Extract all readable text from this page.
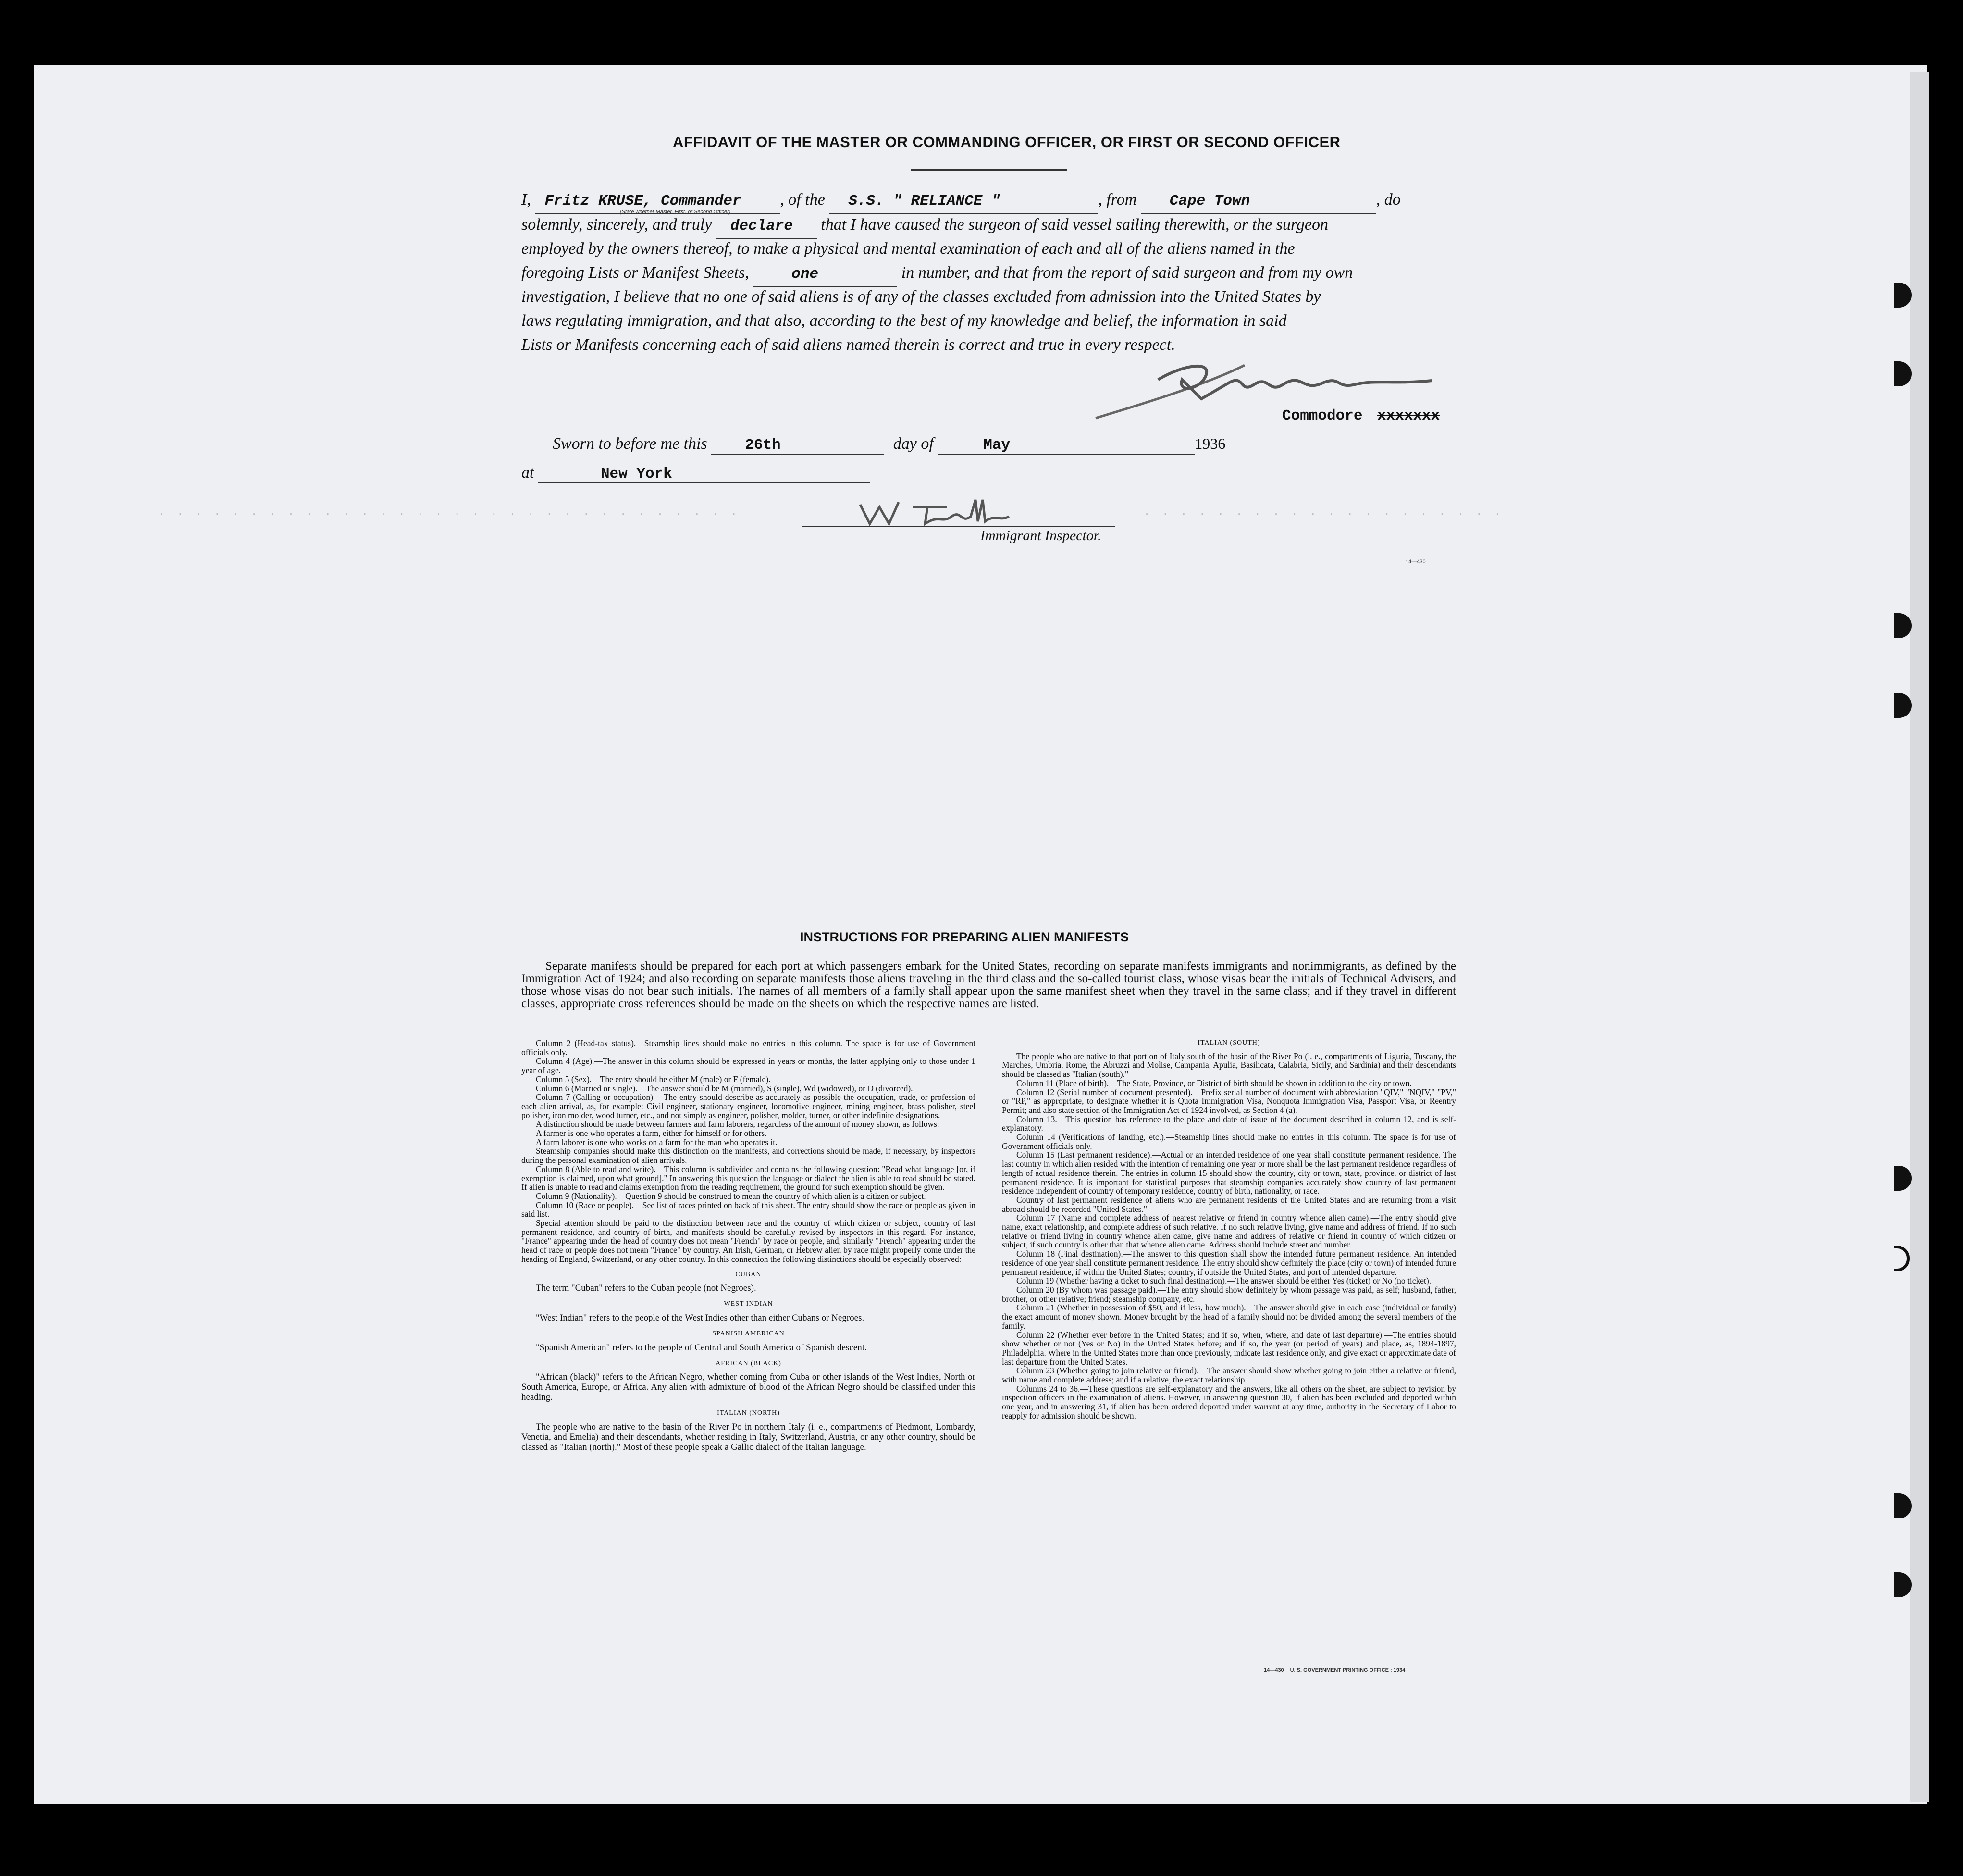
AFFIDAVIT OF THE MASTER OR COMMANDING OFFICER, OR FIRST OR SECOND OFFICER
I, Fritz KRUSE, Commander , of the S.S. " RELIANCE "	, from Cape Town	, do
(State whether Master, First, or Second Officer)
solemnly, sincerely, and truly declare that I have caused the surgeon of said vessel sailing therewith, or the surgeon
employed by the owners thereof, to make a physical and mental examination of each and all of the aliens named in the
foregoing Lists or Manifest Sheets,	one	in number, and that from the report of said surgeon and from my own
investigation, I believe that no one of said aliens is of any of the classes excluded from admission into the United States by
laws regulating immigration, and that also, according to the best of my knowledge and belief, the information in said
Lists or Manifests concerning each of said aliens named therein is correct and true in every respect.
Commodore xxxxxxx
Sworn to before me this	26th	day of	May	1936
at	New York
· · · · · · · · · · · · · · · · · · · · · · · · · · · · · · · ·	· · · · · · · · · · · · · · · · · · · ·
Immigrant Inspector.
14—430
INSTRUCTIONS FOR PREPARING ALIEN MANIFESTS
Separate manifests should be prepared for each port at which passengers embark for the United States, recording on separate manifests immigrants and nonimmigrants, as defined by the Immigration Act of 1924; and also recording on separate manifests those aliens traveling in the third class and the so-called tourist class, whose visas bear the initials of Technical Advisers, and those whose visas do not bear such initials. The names of all members of a family shall appear upon the same manifest sheet when they travel in the same class; and if they travel in different classes, appropriate cross references should be made on the sheets on which the respective names are listed.

Column 2 (Head-tax status).—Steamship lines should make no entries in this column. The space is for use of Government officials only.

Column 4 (Age).—The answer in this column should be expressed in years or months, the latter applying only to those under 1 year of age.

Column 5 (Sex).—The entry should be either M (male) or F (female).

Column 6 (Married or single).—The answer should be M (married), S (single), Wd (widowed), or D (divorced).

Column 7 (Calling or occupation).—The entry should describe as accurately as possible the occupation, trade, or profession of each alien arrival, as, for example: Civil engineer, stationary engineer, locomotive engineer, mining engineer, brass polisher, steel polisher, iron molder, wood turner, etc., and not simply as engineer, polisher, molder, turner, or other indefinite designations.

A distinction should be made between farmers and farm laborers, regardless of the amount of money shown, as follows:

A farmer is one who operates a farm, either for himself or for others.

A farm laborer is one who works on a farm for the man who operates it.

Steamship companies should make this distinction on the manifests, and corrections should be made, if necessary, by inspectors during the personal examination of alien arrivals.

Column 8 (Able to read and write).—This column is subdivided and contains the following question: "Read what language [or, if exemption is claimed, upon what ground]." In answering this question the language or dialect the alien is able to read should be stated. If alien is unable to read and claims exemption from the reading requirement, the ground for such exemption should be given.

Column 9 (Nationality).—Question 9 should be construed to mean the country of which alien is a citizen or subject.

Column 10 (Race or people).—See list of races printed on back of this sheet. The entry should show the race or people as given in said list.

Special attention should be paid to the distinction between race and the country of which citizen or subject, country of last permanent residence, and country of birth, and manifests should be carefully revised by inspectors in this regard. For instance, "France" appearing under the head of country does not mean "French" by race or people, and, similarly "French" appearing under the head of race or people does not mean "France" by country. An Irish, German, or Hebrew alien by race might properly come under the heading of England, Switzerland, or any other country. In this connection the following distinctions should be especially observed:

CUBAN

The term "Cuban" refers to the Cuban people (not Negroes).

WEST INDIAN

"West Indian" refers to the people of the West Indies other than either Cubans or Negroes.

SPANISH AMERICAN

"Spanish American" refers to the people of Central and South America of Spanish descent.

AFRICAN (BLACK)

"African (black)" refers to the African Negro, whether coming from Cuba or other islands of the West Indies, North or South America, Europe, or Africa. Any alien with admixture of blood of the African Negro should be classified under this heading.

ITALIAN (NORTH)

The people who are native to the basin of the River Po in northern Italy (i. e., compartments of Piedmont, Lombardy, Venetia, and Emelia) and their descendants, whether residing in Italy, Switzerland, Austria, or any other country, should be classed as "Italian (north)." Most of these people speak a Gallic dialect of the Italian language.

ITALIAN (SOUTH)

The people who are native to that portion of Italy south of the basin of the River Po (i. e., compartments of Liguria, Tuscany, the Marches, Umbria, Rome, the Abruzzi and Molise, Campania, Apulia, Basilicata, Calabria, Sicily, and Sardinia) and their descendants should be classed as "Italian (south)."

Column 11 (Place of birth).—The State, Province, or District of birth should be shown in addition to the city or town.

Column 12 (Serial number of document presented).—Prefix serial number of document with abbreviation "QIV," "NQIV," "PV," or "RP," as appropriate, to designate whether it is Quota Immigration Visa, Nonquota Immigration Visa, Passport Visa, or Reentry Permit; and also state section of the Immigration Act of 1924 involved, as Section 4 (a).

Column 13.—This question has reference to the place and date of issue of the document described in column 12, and is self-explanatory.

Column 14 (Verifications of landing, etc.).—Steamship lines should make no entries in this column. The space is for use of Government officials only.

Column 15 (Last permanent residence).—Actual or an intended residence of one year shall constitute permanent residence. The last country in which alien resided with the intention of remaining one year or more shall be the last permanent residence regardless of length of actual residence therein. The entries in column 15 should show the country, city or town, state, province, or district of last permanent residence. It is important for statistical purposes that steamship companies accurately show country of last permanent residence independent of country of temporary residence, country of birth, nationality, or race.

Country of last permanent residence of aliens who are permanent residents of the United States and are returning from a visit abroad should be recorded "United States."

Column 17 (Name and complete address of nearest relative or friend in country whence alien came).—The entry should give name, exact relationship, and complete address of such relative. If no such relative living, give name and address of friend. If no such relative or friend living in country whence alien came, give name and address of relative or friend in country of which citizen or subject, if such country is other than that whence alien came. Address should include street and number.

Column 18 (Final destination).—The answer to this question shall show the intended future permanent residence. An intended residence of one year shall constitute permanent residence. The entry should show definitely the place (city or town) of intended future permanent residence, if within the United States; country, if outside the United States, and port of intended departure.

Column 19 (Whether having a ticket to such final destination).—The answer should be either Yes (ticket) or No (no ticket).

Column 20 (By whom was passage paid).—The entry should show definitely by whom passage was paid, as self; husband, father, brother, or other relative; friend; steamship company, etc.

Column 21 (Whether in possession of $50, and if less, how much).—The answer should give in each case (individual or family) the exact amount of money shown. Money brought by the head of a family should not be divided among the several members of the family.

Column 22 (Whether ever before in the United States; and if so, when, where, and date of last departure).—The entries should show whether or not (Yes or No) in the United States before; and if so, the year (or period of years) and place, as, 1894-1897, Philadelphia. Where in the United States more than once previously, indicate last residence only, and give exact or approximate date of last departure from the United States.

Column 23 (Whether going to join relative or friend).—The answer should show whether going to join either a relative or friend, with name and complete address; and if a relative, the exact relationship.

Columns 24 to 36.—These questions are self-explanatory and the answers, like all others on the sheet, are subject to revision by inspection officers in the examination of aliens. However, in answering question 30, if alien has been excluded and deported within one year, and in answering 31, if alien has been ordered deported under warrant at any time, authority in the Secretary of Labor to reapply for admission should be shown.

14—430 U. S. GOVERNMENT PRINTING OFFICE : 1934
